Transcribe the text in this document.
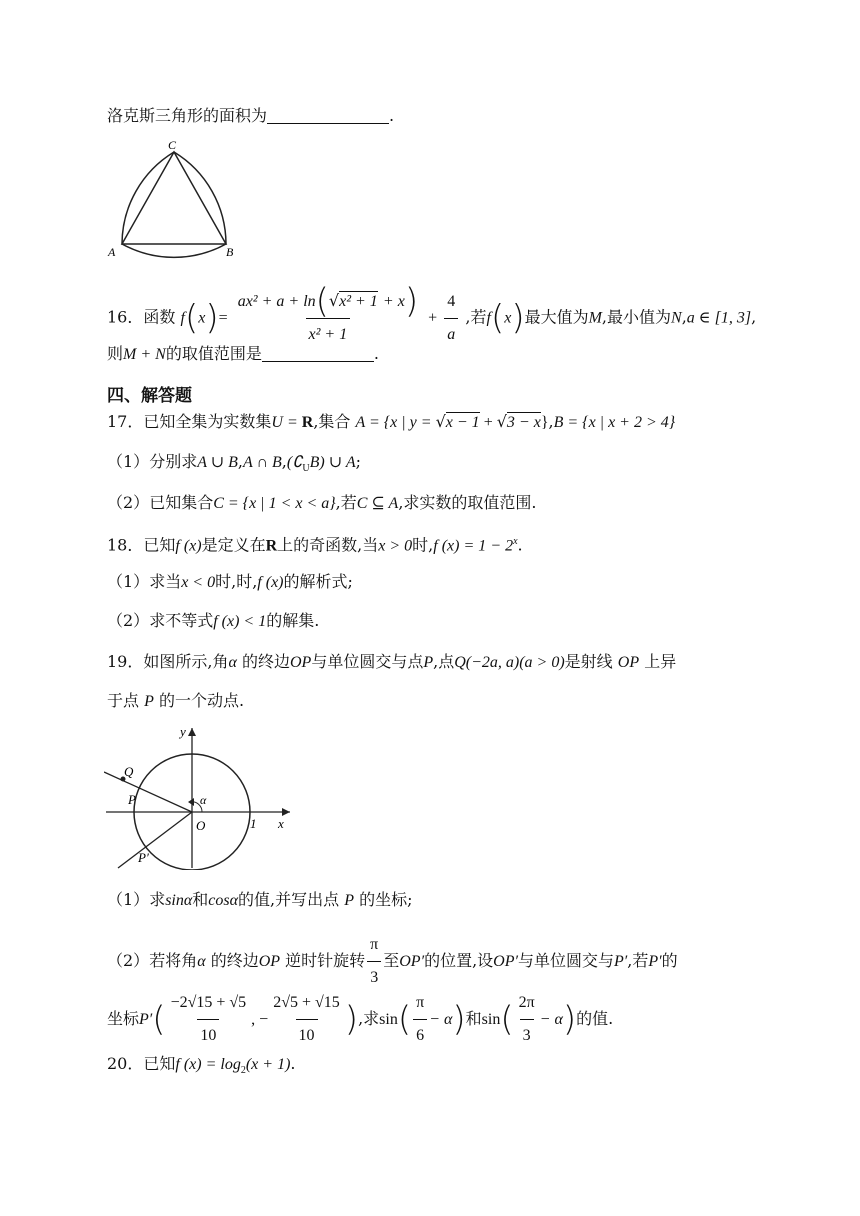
洛克斯三角形的面积为	.
A	B
C
16．函数 $f(x)= \frac{\text{ax² + a + ln(√x² + 1 + x)}}{\text{x² + 1}} + \frac{4}{a}$ ,若f(x)最大值为M,最小值为N,a ∈ [1, 3],
则M + N的取值范围是	.
四、解答题
17．已知全集为实数集U = R,集合 A = {x | y = √x − 1 + √3 − x},B = {x | x + 2 > 4}
（1）分别求A ∪ B,A ∩ $B,(∁_UB)$ ∪ A;
（2）已知集合C = {x | 1 < x < a},若C ⊆ A,求实数的取值范围.
18．已知f (x)是定义在R上的奇函数,当x > 0时,f $(x) = 1 - 2^x$.
（1）求当x < 0时,时,f (x)的解析式;
（2）求不等式f (x) < 1的解集.
19．如图所示,角α 的终边OP与单位圆交与点P,点Q(−2a, a)(a > 0)是射线 OP 上异
于点 P 的一个动点.
y
x
O	1
Q
P
P′
α
（1）求sinα和cosα的值,并写出点 P 的坐标;
（2）若将角α 的终边OP 逆时针旋转 $\frac{\pi}{3}$ 至OP′的位置,设OP′与单位圆交与P′,若P′的
坐标$P'( \frac{-2√15 + √5}{10}$ , − $\frac{2√5 + √15}{10}$ ),求$\sin( \frac{\pi}{6} - \alpha)$和$\sin( \frac{2\pi}{3} - \alpha)$的值.
20．已知f $(x) = \log_2(x + 1)$.
